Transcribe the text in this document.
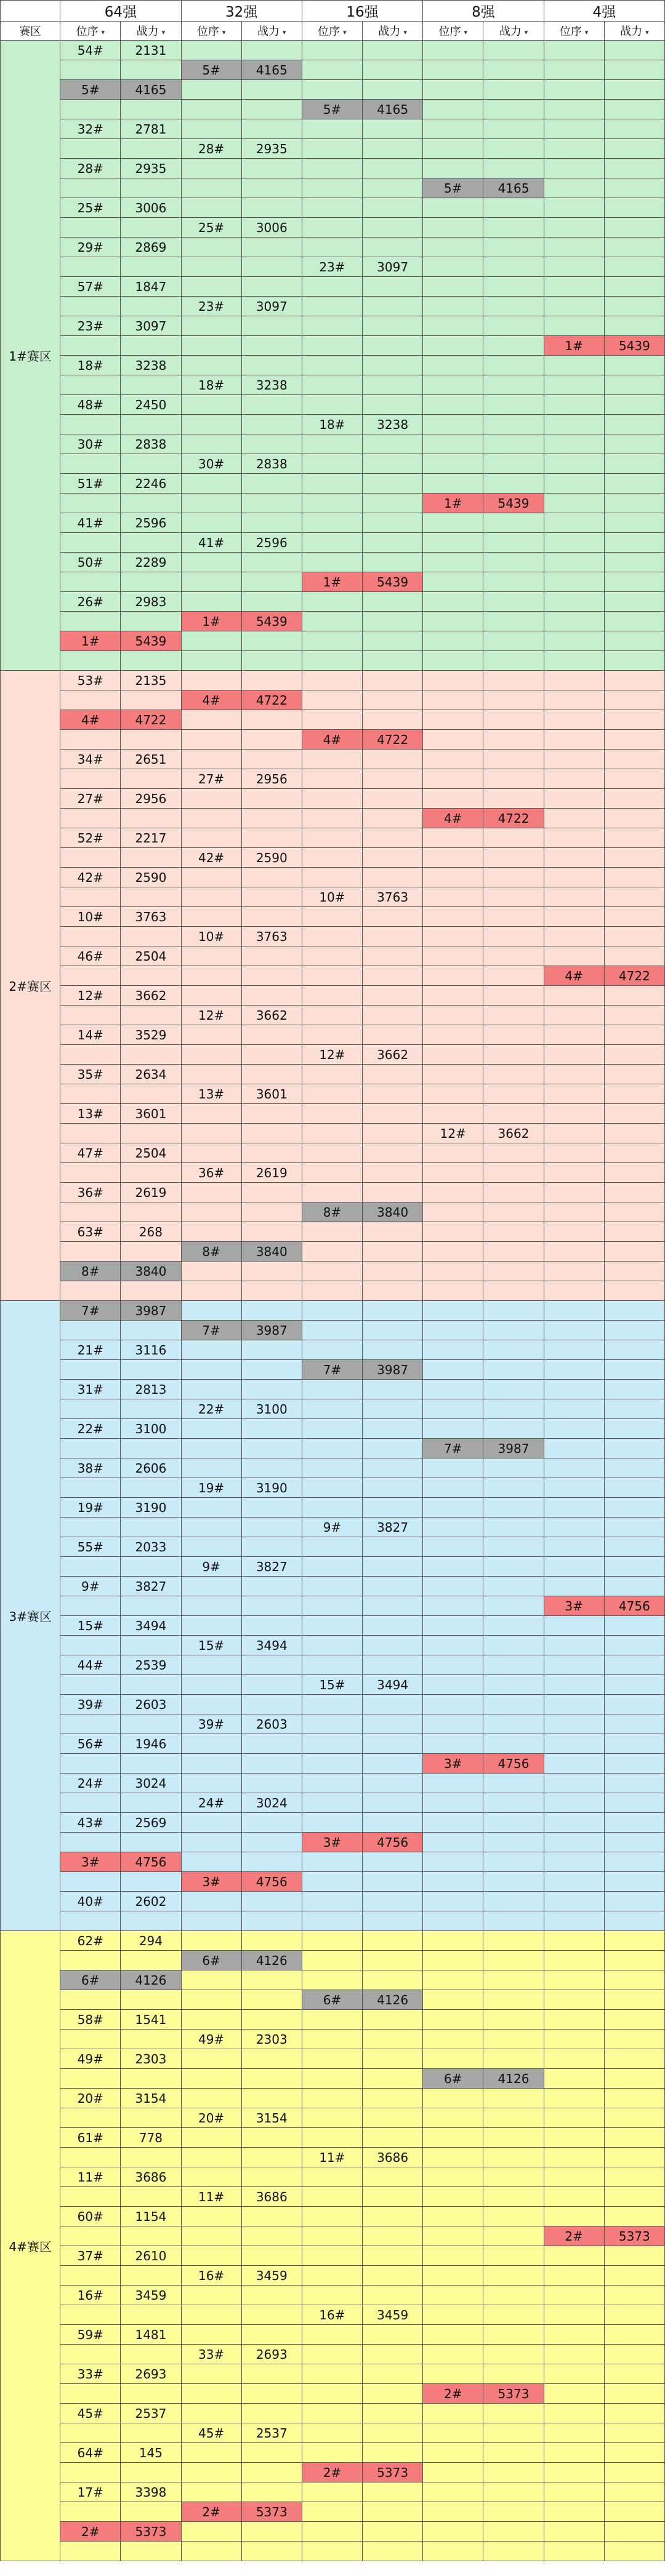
	64强		32强		16强		8强		4强	
赛区	位序 ▾	战力 ▾	位序 ▾	战力 ▾	位序 ▾	战力 ▾	位序 ▾	战力 ▾	位序 ▾	战力 ▾
1#赛区	54#	2131								
			5#	4165						
	5#	4165								
					5#	4165				
	32#	2781								
			28#	2935						
	28#	2935								
							5#	4165		
	25#	3006								
			25#	3006						
	29#	2869								
					23#	3097				
	57#	1847								
			23#	3097						
	23#	3097								
									1#	5439
	18#	3238								
			18#	3238						
	48#	2450								
					18#	3238				
	30#	2838								
			30#	2838						
	51#	2246								
							1#	5439		
	41#	2596								
			41#	2596						
	50#	2289								
					1#	5439				
	26#	2983								
			1#	5439						
	1#	5439								

2#赛区	53#	2135								
			4#	4722						
	4#	4722								
					4#	4722				
	34#	2651								
			27#	2956						
	27#	2956								
							4#	4722		
	52#	2217								
			42#	2590						
	42#	2590								
					10#	3763				
	10#	3763								
			10#	3763						
	46#	2504								
									4#	4722
	12#	3662								
			12#	3662						
	14#	3529								
					12#	3662				
	35#	2634								
			13#	3601						
	13#	3601								
							12#	3662		
	47#	2504								
			36#	2619						
	36#	2619								
					8#	3840				
	63#	268								
			8#	3840						
	8#	3840								

3#赛区	7#	3987								
			7#	3987						
	21#	3116								
					7#	3987				
	31#	2813								
			22#	3100						
	22#	3100								
							7#	3987		
	38#	2606								
			19#	3190						
	19#	3190								
					9#	3827				
	55#	2033								
			9#	3827						
	9#	3827								
									3#	4756
	15#	3494								
			15#	3494						
	44#	2539								
					15#	3494				
	39#	2603								
			39#	2603						
	56#	1946								
							3#	4756		
	24#	3024								
			24#	3024						
	43#	2569								
					3#	4756				
	3#	4756								
			3#	4756						
	40#	2602								

4#赛区	62#	294								
			6#	4126						
	6#	4126								
					6#	4126				
	58#	1541								
			49#	2303						
	49#	2303								
							6#	4126		
	20#	3154								
			20#	3154						
	61#	778								
					11#	3686				
	11#	3686								
			11#	3686						
	60#	1154								
									2#	5373
	37#	2610								
			16#	3459						
	16#	3459								
					16#	3459				
	59#	1481								
			33#	2693						
	33#	2693								
							2#	5373		
	45#	2537								
			45#	2537						
	64#	145								
					2#	5373				
	17#	3398								
			2#	5373						
	2#	5373								
